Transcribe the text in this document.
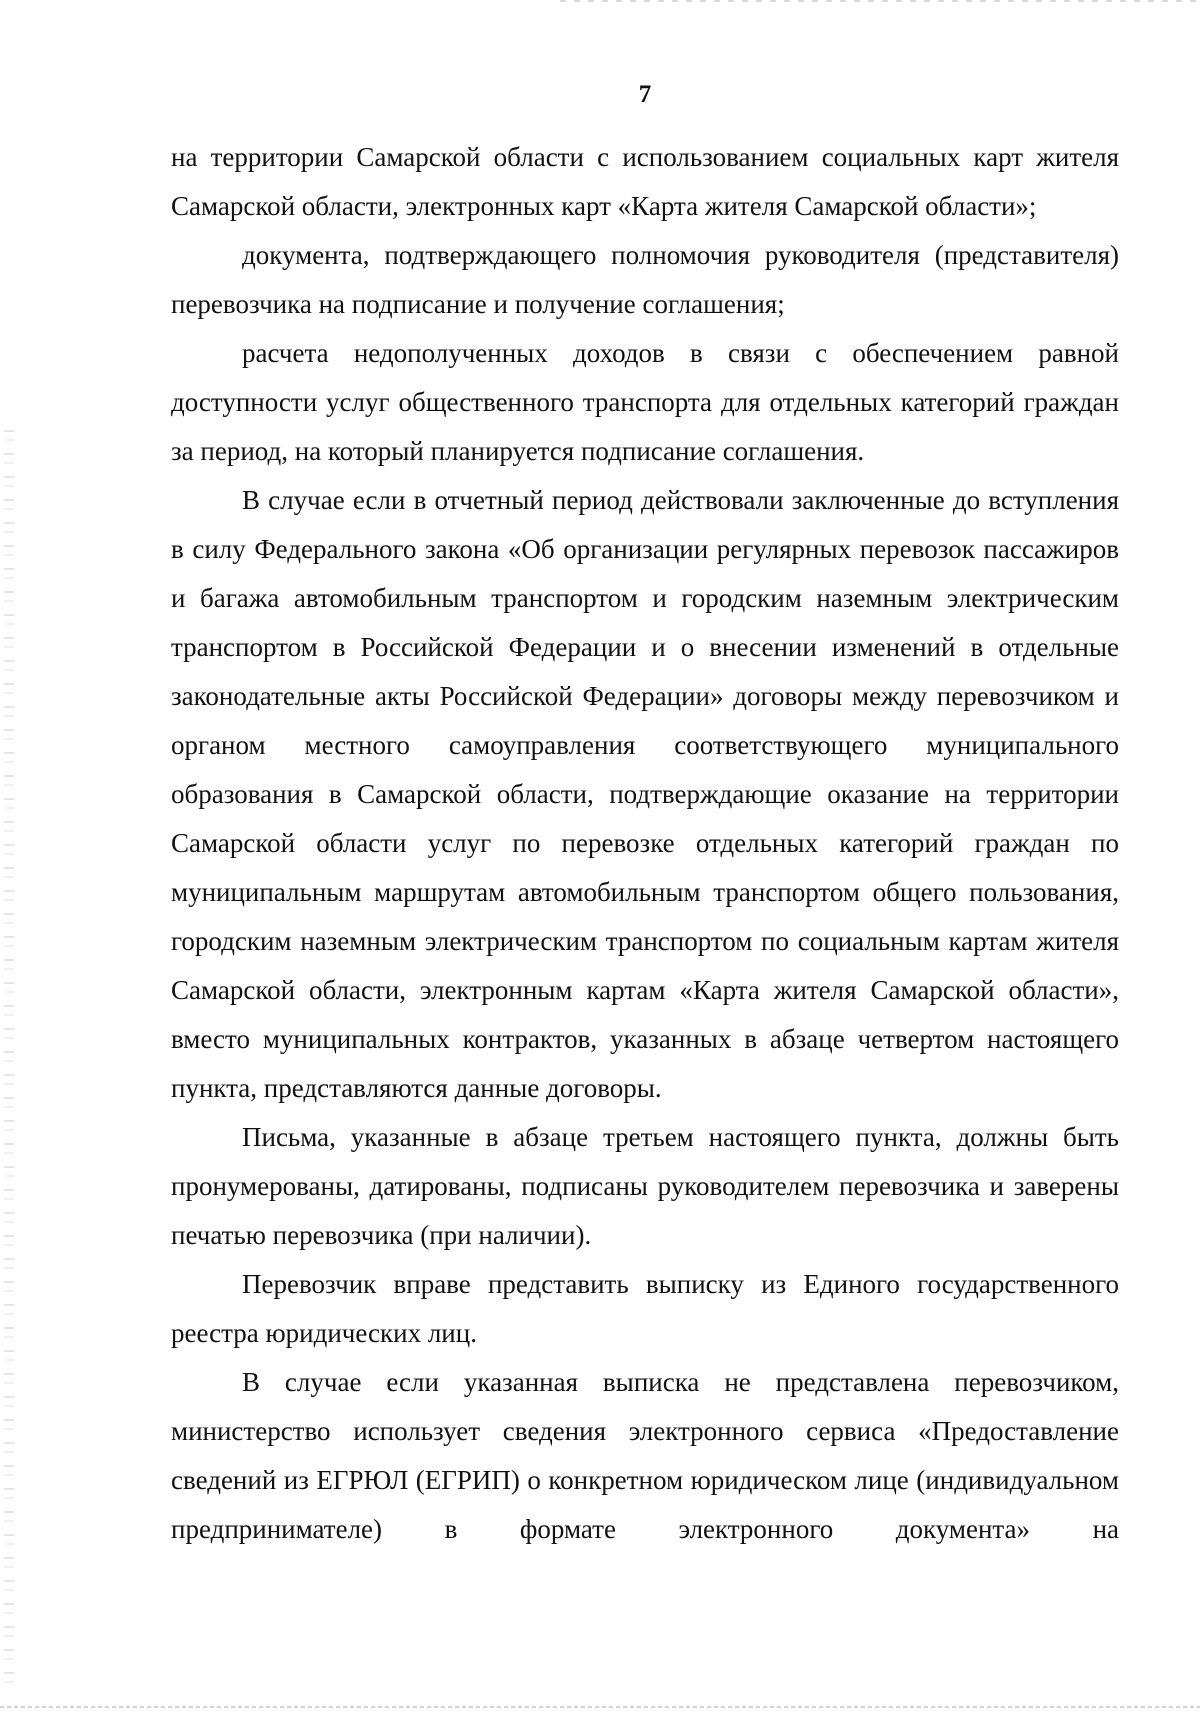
7

на территории Самарской области с использованием социальных карт жителя Самарской области, электронных карт «Карта жителя Самарской области»;

документа, подтверждающего полномочия руководителя (представителя) перевозчика на подписание и получение соглашения;

расчета недополученных доходов в связи с обеспечением равной доступности услуг общественного транспорта для отдельных категорий граждан за период, на который планируется подписание соглашения.

В случае если в отчетный период действовали заключенные до вступления в силу Федерального закона «Об организации регулярных перевозок пассажиров и багажа автомобильным транспортом и городским наземным электрическим транспортом в Российской Федерации и о внесении изменений в отдельные законодательные акты Российской Федерации» договоры между перевозчиком и органом местного самоуправления соответствующего муниципального образования в Самарской области, подтверждающие оказание на территории Самарской области услуг по перевозке отдельных категорий граждан по муниципальным маршрутам автомобильным транспортом общего пользования, городским наземным электрическим транспортом по социальным картам жителя Самарской области, электронным картам «Карта жителя Самарской области», вместо муниципальных контрактов, указанных в абзаце четвертом настоящего пункта, представляются данные договоры.

Письма, указанные в абзаце третьем настоящего пункта, должны быть пронумерованы, датированы, подписаны руководителем перевозчика и заверены печатью перевозчика (при наличии).

Перевозчик вправе представить выписку из Единого государственного реестра юридических лиц.

В случае если указанная выписка не представлена перевозчиком, министерство использует сведения электронного сервиса «Предоставление сведений из ЕГРЮЛ (ЕГРИП) о конкретном юридическом лице (индивидуальном предпринимателе) в формате электронного документа» на
